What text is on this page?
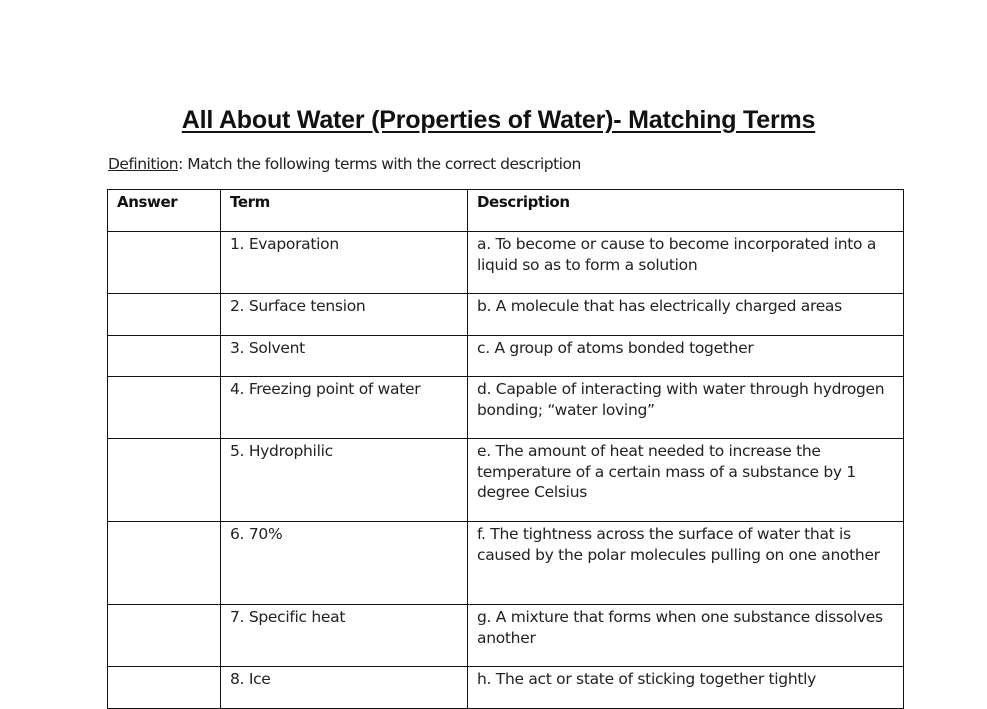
All About Water (Properties of Water)- Matching Terms
Definition: Match the following terms with the correct description
Answer	Term	Description
	1. Evaporation	a. To become or cause to become incorporated into a liquid so as to form a solution
	2. Surface tension	b. A molecule that has electrically charged areas
	3. Solvent	c. A group of atoms bonded together
	4. Freezing point of water	d. Capable of interacting with water through hydrogen bonding; “water loving”
	5. Hydrophilic	e. The amount of heat needed to increase the temperature of a certain mass of a substance by 1 degree Celsius
	6. 70%	f. The tightness across the surface of water that is caused by the polar molecules pulling on one another
	7. Specific heat	g. A mixture that forms when one substance dissolves another
	8. Ice	h. The act or state of sticking together tightly
